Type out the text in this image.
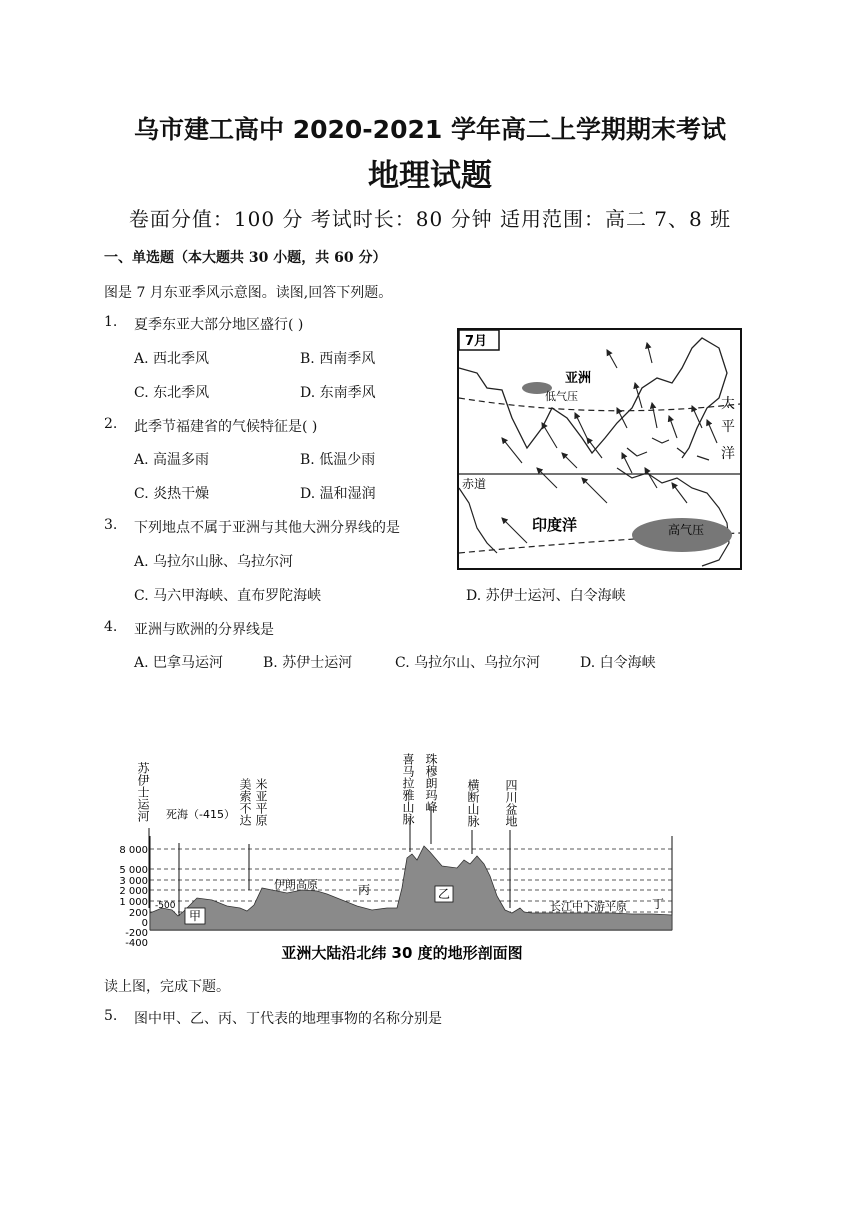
乌市建工高中 2020-2021 学年高二上学期期末考试
地理试题
卷面分值：100 分 考试时长：80 分钟 适用范围：高二 7、8 班
一、单选题（本大题共 30 小题，共 60 分）
图是 7 月东亚季风示意图。读图,回答下列题。
1. 夏季东亚大部分地区盛行( )
A. 西北季风	B. 西南季风
C. 东北季风	D. 东南季风
2. 此季节福建省的气候特征是( )
A. 高温多雨	B. 低温少雨
C. 炎热干燥	D. 温和湿润
3. 下列地点不属于亚洲与其他大洲分界线的是
A. 乌拉尔山脉、乌拉尔河
C. 马六甲海峡、直布罗陀海峡	D. 苏伊士运河、白令海峡
7月
亚洲
低气压	太
平
洋
赤道
印度洋	高气压
4. 亚洲与欧洲的分界线是
A. 巴拿马运河	B. 苏伊士运河	C. 乌拉尔山、乌拉尔河	D. 白令海峡
8 000
5 000
3 000
2 000
1 000
200
0
-200
-400
苏伊士运河	美索不达 米亚平原	喜马拉雅山脉 珠穆朗玛峰 横断山脉 四川盆地
死海（-415）
伊朗高原	丙
甲
乙
长江中下游平原 丁
-500
亚洲大陆沿北纬 30 度的地形剖面图
读上图，完成下题。
5. 图中甲、乙、丙、丁代表的地理事物的名称分别是
